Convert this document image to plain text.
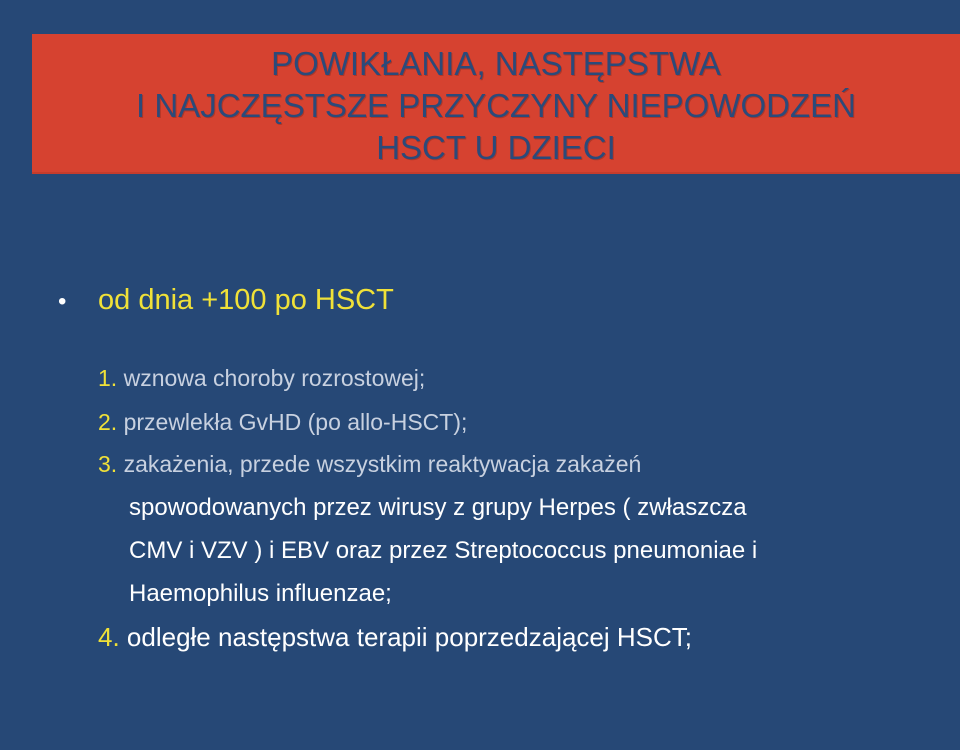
POWIKŁANIA, NASTĘPSTWA
I NAJCZĘSTSZE PRZYCZYNY NIEPOWODZEŃ
HSCT U DZIECI
• od dnia +100 po HSCT
1. wznowa choroby rozrostowej;
2. przewlekła GvHD (po allo-HSCT);
3. zakażenia, przede wszystkim reaktywacja zakażeń
spowodowanych przez wirusy z grupy Herpes ( zwłaszcza
CMV i VZV ) i EBV oraz przez Streptococcus pneumoniae i
Haemophilus influenzae;
4. odległe następstwa terapii poprzedzającej HSCT;
